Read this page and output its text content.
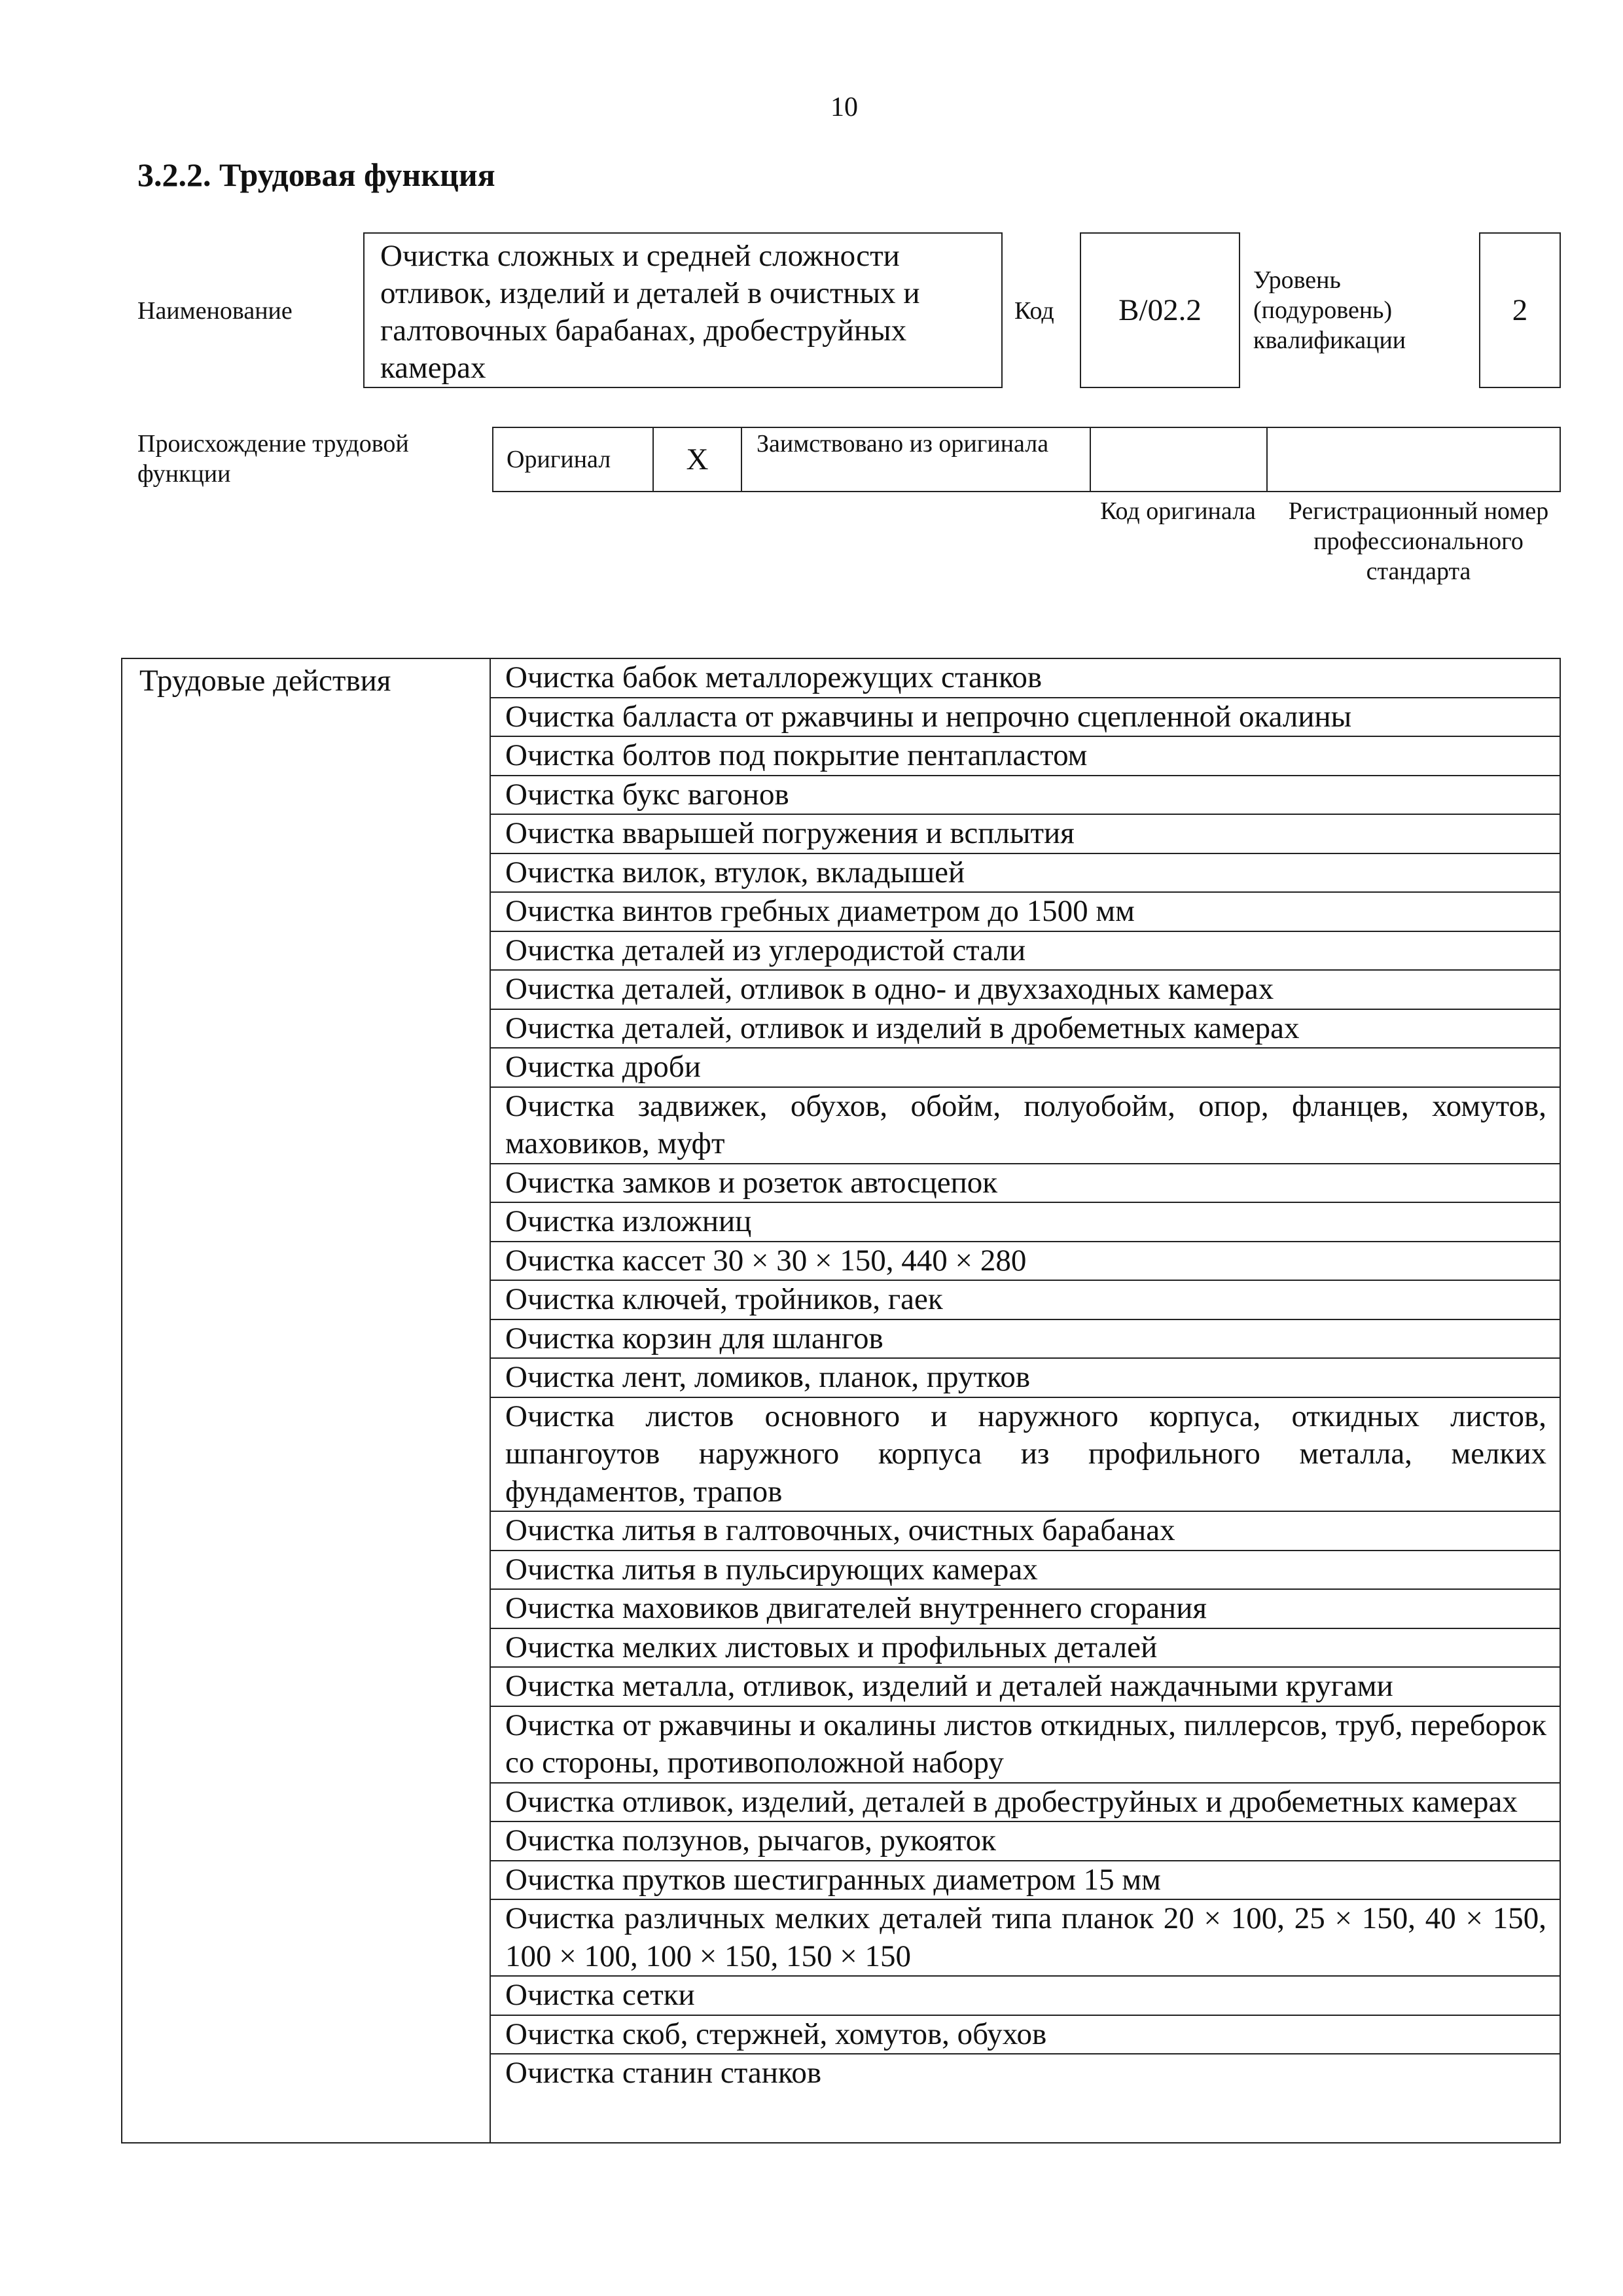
10
3.2.2. Трудовая функция
Наименование
Очистка сложных и средней сложности отливок, изделий и деталей в очистных и галтовочных барабанах, дробеструйных камерах
Код	B/02.2
Уровень (подуровень) квалификации
2
Происхождение трудовой функции
Оригинал	X	Заимствовано из оригинала
Код оригинала	Регистрационный номер профессионального стандарта
Трудовые действия	Очистка бабок металлорежущих станков
Очистка балласта от ржавчины и непрочно сцепленной окалины
Очистка болтов под покрытие пентапластом
Очистка букс вагонов
Очистка вварышей погружения и всплытия
Очистка вилок, втулок, вкладышей
Очистка винтов гребных диаметром до 1500 мм
Очистка деталей из углеродистой стали
Очистка деталей, отливок в одно- и двухзаходных камерах
Очистка деталей, отливок и изделий в дробеметных камерах
Очистка дроби
Очистка задвижек, обухов, обойм, полуобойм, опор, фланцев, хомутов, маховиков, муфт
Очистка замков и розеток автосцепок
Очистка изложниц
Очистка кассет 30 × 30 × 150, 440 × 280
Очистка ключей, тройников, гаек
Очистка корзин для шлангов
Очистка лент, ломиков, планок, прутков
Очистка листов основного и наружного корпуса, откидных листов, шпангоутов наружного корпуса из профильного металла, мелких фундаментов, трапов
Очистка литья в галтовочных, очистных барабанах
Очистка литья в пульсирующих камерах
Очистка маховиков двигателей внутреннего сгорания
Очистка мелких листовых и профильных деталей
Очистка металла, отливок, изделий и деталей наждачными кругами
Очистка от ржавчины и окалины листов откидных, пиллерсов, труб, переборок со стороны, противоположной набору
Очистка отливок, изделий, деталей в дробеструйных и дробеметных камерах
Очистка ползунов, рычагов, рукояток
Очистка прутков шестигранных диаметром 15 мм
Очистка различных мелких деталей типа планок 20 × 100, 25 × 150, 40 × 150, 100 × 100, 100 × 150, 150 × 150
Очистка сетки
Очистка скоб, стержней, хомутов, обухов
Очистка станин станков
